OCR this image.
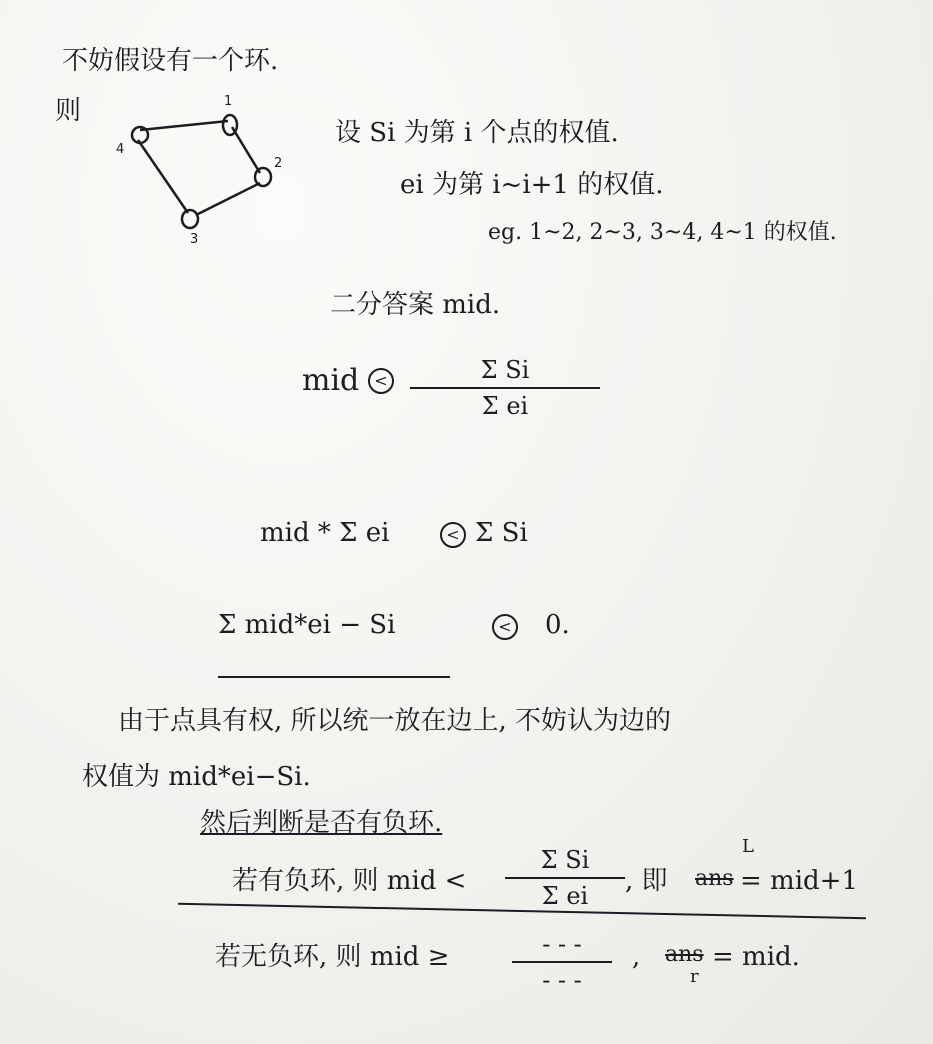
不妨假设有一个环.
则	1
2
3
4
设 Si 为第 i 个点的权值.
ei 为第 i~i+1 的权值.
eg. 1~2, 2~3, 3~4, 4~1 的权值.
二分答案 mid.
mid <	Σ Si
Σ ei
mid * Σ ei	< Σ Si
Σ mid*ei − Si	< 0.
由于点具有权, 所以统一放在边上, 不妨认为边的
权值为 mid*ei−Si.
然后判断是否有负环.
若有负环, 则 mid <
Σ Si
Σ ei , 即 ans
L
= mid+1
若无负环, 则 mid ≥	- - -
- - -
, ans
r
= mid.
